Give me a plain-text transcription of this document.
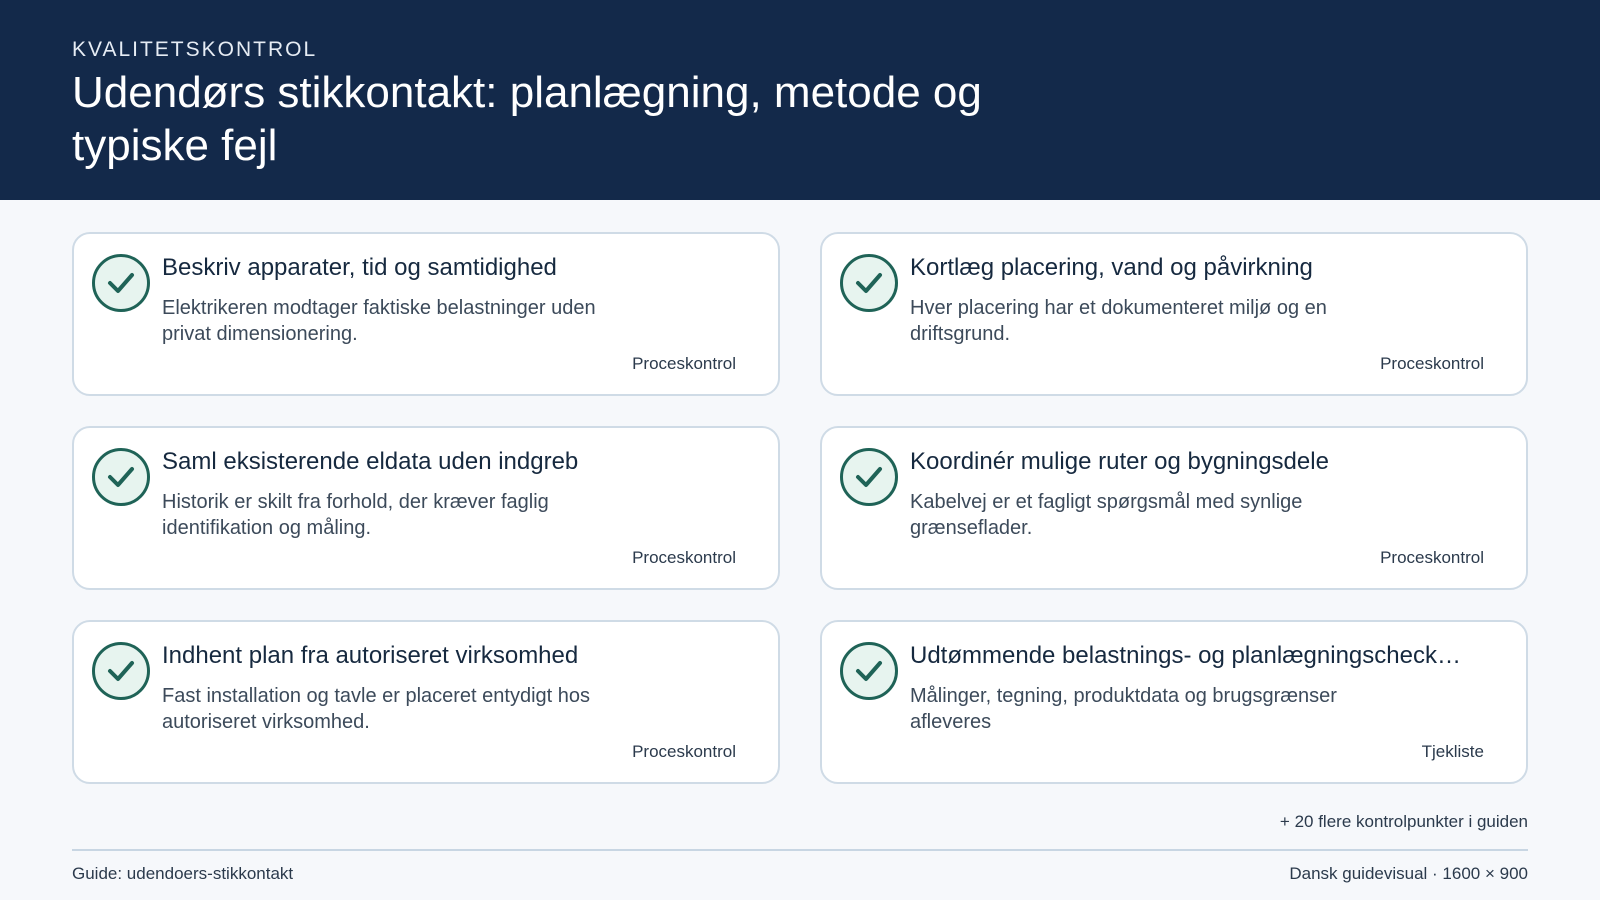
KVALITETSKONTROL
Udendørs stikkontakt: planlægning, metode og typiske fejl
Beskriv apparater, tid og samtidighed
Elektrikeren modtager faktiske belastninger uden privat dimensionering.
Proceskontrol
Kortlæg placering, vand og påvirkning
Hver placering har et dokumenteret miljø og en driftsgrund.
Proceskontrol
Saml eksisterende eldata uden indgreb
Historik er skilt fra forhold, der kræver faglig identifikation og måling.
Proceskontrol
Koordinér mulige ruter og bygningsdele
Kabelvej er et fagligt spørgsmål med synlige grænseflader.
Proceskontrol
Indhent plan fra autoriseret virksomhed
Fast installation og tavle er placeret entydigt hos autoriseret virksomhed.
Proceskontrol
Udtømmende belastnings- og planlægningscheck…
Målinger, tegning, produktdata og brugsgrænser afleveres
Tjekliste
+ 20 flere kontrolpunkter i guiden
Guide: udendoers-stikkontakt	Dansk guidevisual · 1600 × 900
